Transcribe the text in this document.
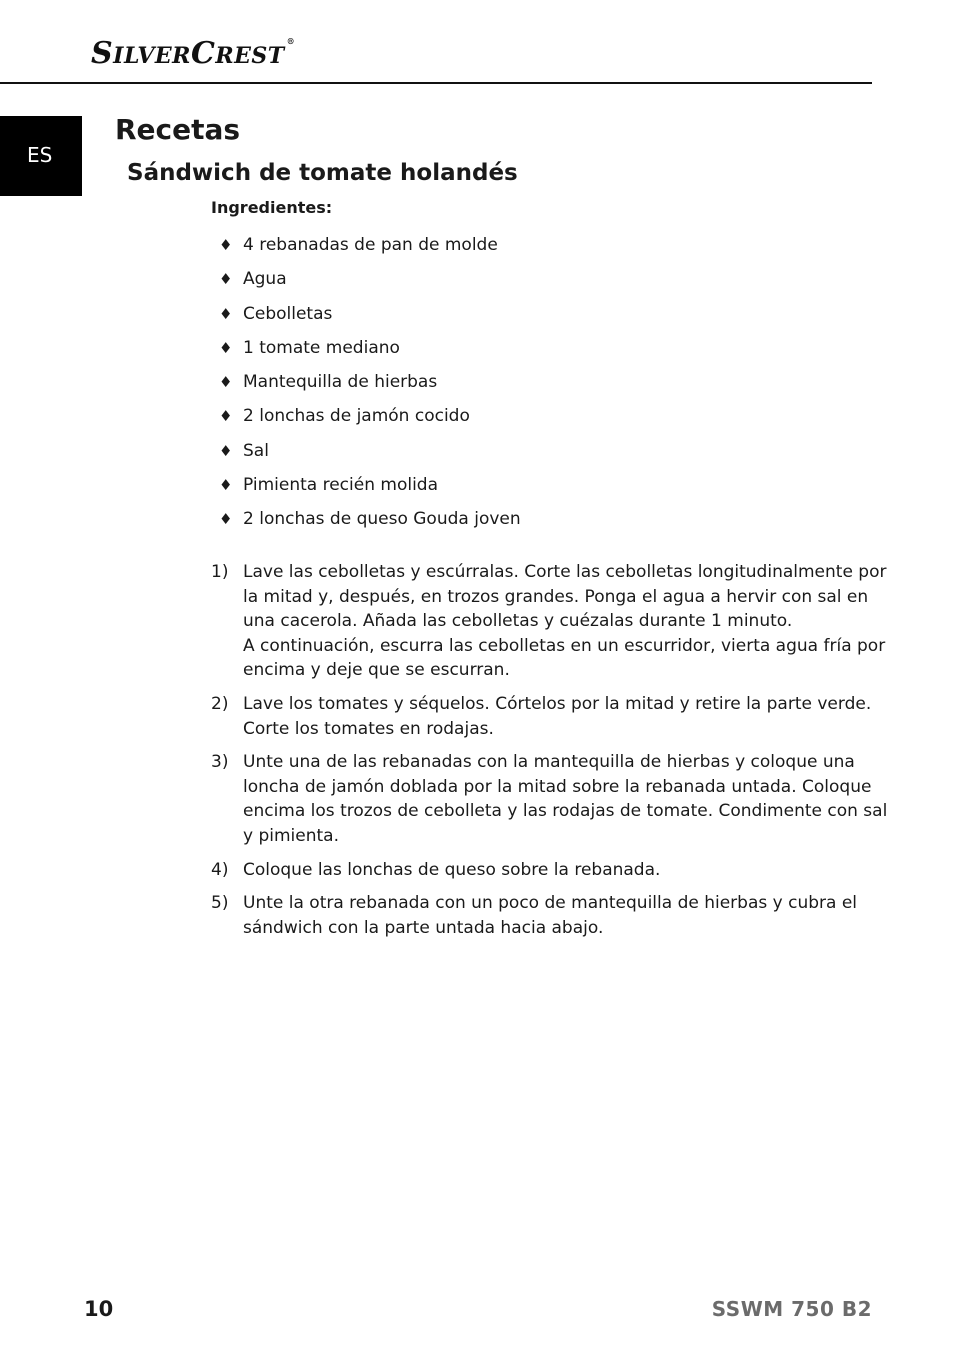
SILVERCREST®
ES
Recetas
Sándwich de tomate holandés
Ingredientes:
♦ 4 rebanadas de pan de molde
♦ Agua
♦ Cebolletas
♦ 1 tomate mediano
♦ Mantequilla de hierbas
♦ 2 lonchas de jamón cocido
♦ Sal
♦ Pimienta recién molida
♦ 2 lonchas de queso Gouda joven
1) Lave las cebolletas y escúrralas. Corte las cebolletas longitudinalmente por
la mitad y, después, en trozos grandes. Ponga el agua a hervir con sal en
una cacerola. Añada las cebolletas y cuézalas durante 1 minuto.
A continuación, escurra las cebolletas en un escurridor, vierta agua fría por
encima y deje que se escurran.
2) Lave los tomates y séquelos. Córtelos por la mitad y retire la parte verde.
Corte los tomates en rodajas.
3) Unte una de las rebanadas con la mantequilla de hierbas y coloque una
loncha de jamón doblada por la mitad sobre la rebanada untada. Coloque
encima los trozos de cebolleta y las rodajas de tomate. Condimente con sal
y pimienta.
4) Coloque las lonchas de queso sobre la rebanada.
5) Unte la otra rebanada con un poco de mantequilla de hierbas y cubra el
sándwich con la parte untada hacia abajo.
10	SSWM 750 B2
